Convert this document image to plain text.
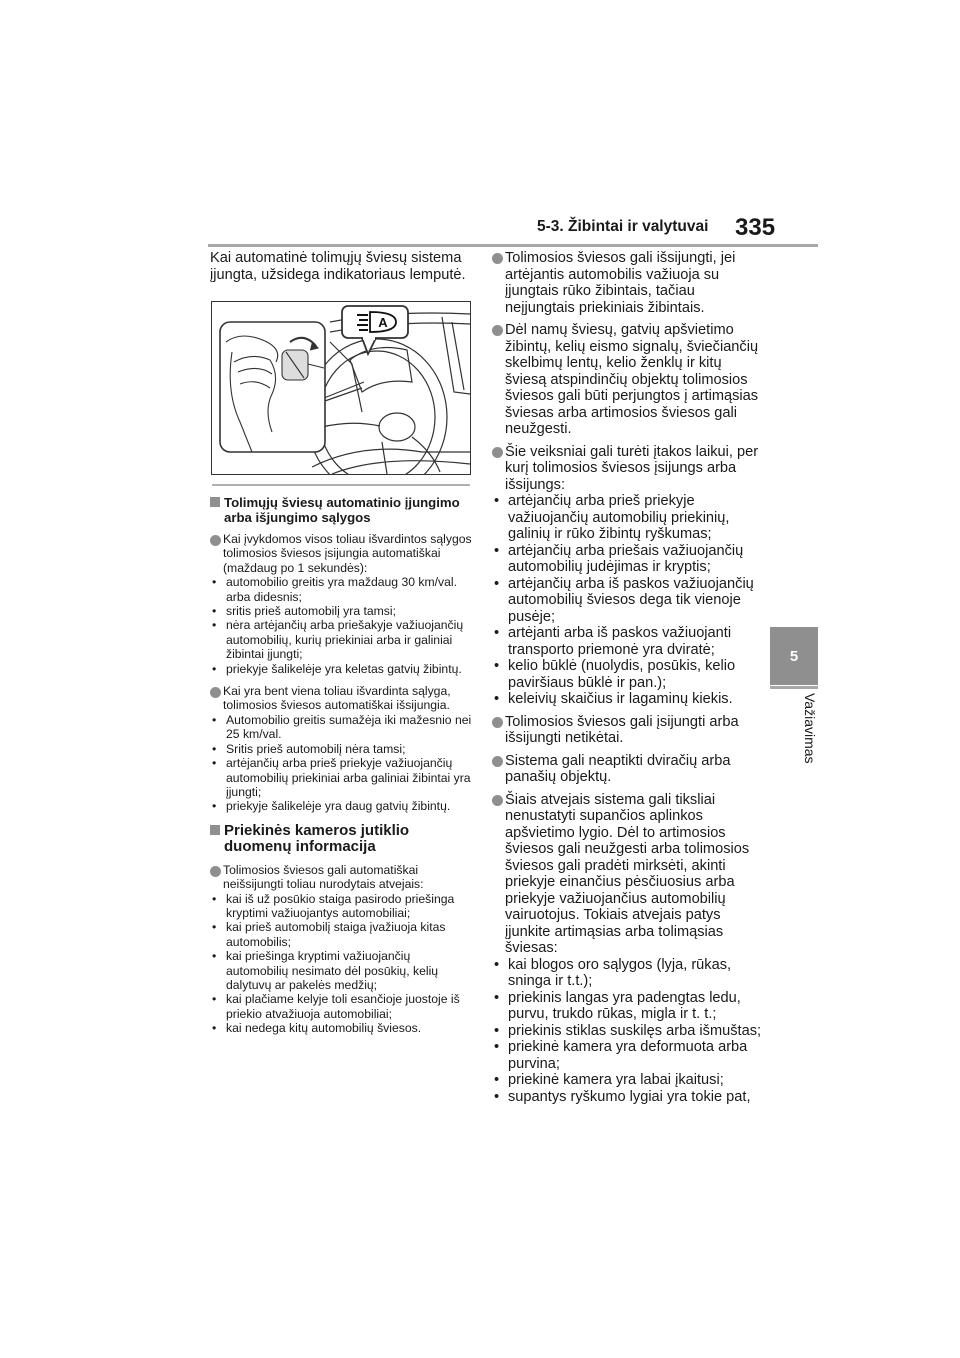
5-3. Žibintai ir valytuvai 335
5
Važiavimas

Kai automatinė tolimųjų šviesų sistema įjungta, užsidega indikatoriaus lemputė.

A
Tolimųjų šviesų automatinio įjungimo arba išjungimo sąlygos
Kai įvykdomos visos toliau išvardintos sąlygos tolimosios šviesos įsijungia automatiškai (maždaug po 1 sekundės):
• automobilio greitis yra maždaug 30 km/val. arba didesnis;
• sritis prieš automobilį yra tamsi;
• nėra artėjančių arba priešakyje važiuojančių automobilių, kurių priekiniai arba ir galiniai žibintai įjungti;
• priekyje šalikelėje yra keletas gatvių žibintų.
Kai yra bent viena toliau išvardinta sąlyga, tolimosios šviesos automatiškai išsijungia.
• Automobilio greitis sumažėja iki mažesnio nei 25 km/val.
• Sritis prieš automobilį nėra tamsi;
• artėjančių arba prieš priekyje važiuojančių automobilių priekiniai arba galiniai žibintai yra įjungti;
• priekyje šalikelėje yra daug gatvių žibintų.
Priekinės kameros jutiklio duomenų informacija
Tolimosios šviesos gali automatiškai neišsijungti toliau nurodytais atvejais:
• kai iš už posūkio staiga pasirodo priešinga kryptimi važiuojantys automobiliai;
• kai prieš automobilį staiga įvažiuoja kitas automobilis;
• kai priešinga kryptimi važiuojančių automobilių nesimato dėl posūkių, kelių dalytuvų ar pakelės medžių;
• kai plačiame kelyje toli esančioje juostoje iš priekio atvažiuoja automobiliai;
• kai nedega kitų automobilių šviesos.
Tolimosios šviesos gali išsijungti, jei artėjantis automobilis važiuoja su įjungtais rūko žibintais, tačiau neįjungtais priekiniais žibintais.
Dėl namų šviesų, gatvių apšvietimo žibintų, kelių eismo signalų, šviečiančių skelbimų lentų, kelio ženklų ir kitų šviesą atspindinčių objektų tolimosios šviesos gali būti perjungtos į artimąsias šviesas arba artimosios šviesos gali neužgesti.
Šie veiksniai gali turėti įtakos laikui, per kurį tolimosios šviesos įsijungs arba išsijungs:
• artėjančių arba prieš priekyje važiuojančių automobilių priekinių, galinių ir rūko žibintų ryškumas;
• artėjančių arba priešais važiuojančių automobilių judėjimas ir kryptis;
• artėjančių arba iš paskos važiuojančių automobilių šviesos dega tik vienoje pusėje;
• artėjanti arba iš paskos važiuojanti transporto priemonė yra dviratė;
• kelio būklė (nuolydis, posūkis, kelio paviršiaus būklė ir pan.);
• keleivių skaičius ir lagaminų kiekis.
Tolimosios šviesos gali įsijungti arba išsijungti netikėtai.
Sistema gali neaptikti dviračių arba panašių objektų.
Šiais atvejais sistema gali tiksliai nenustatyti supančios aplinkos apšvietimo lygio. Dėl to artimosios šviesos gali neužgesti arba tolimosios šviesos gali pradėti mirksėti, akinti priekyje einančius pėsčiuosius arba priekyje važiuojančius automobilių vairuotojus. Tokiais atvejais patys įjunkite artimąsias arba tolimąsias šviesas:
• kai blogos oro sąlygos (lyja, rūkas, sninga ir t.t.);
• priekinis langas yra padengtas ledu, purvu, trukdo rūkas, migla ir t. t.;
• priekinis stiklas suskilęs arba išmuštas;
• priekinė kamera yra deformuota arba purvina;
• priekinė kamera yra labai įkaitusi;
• supantys ryškumo lygiai yra tokie pat,
